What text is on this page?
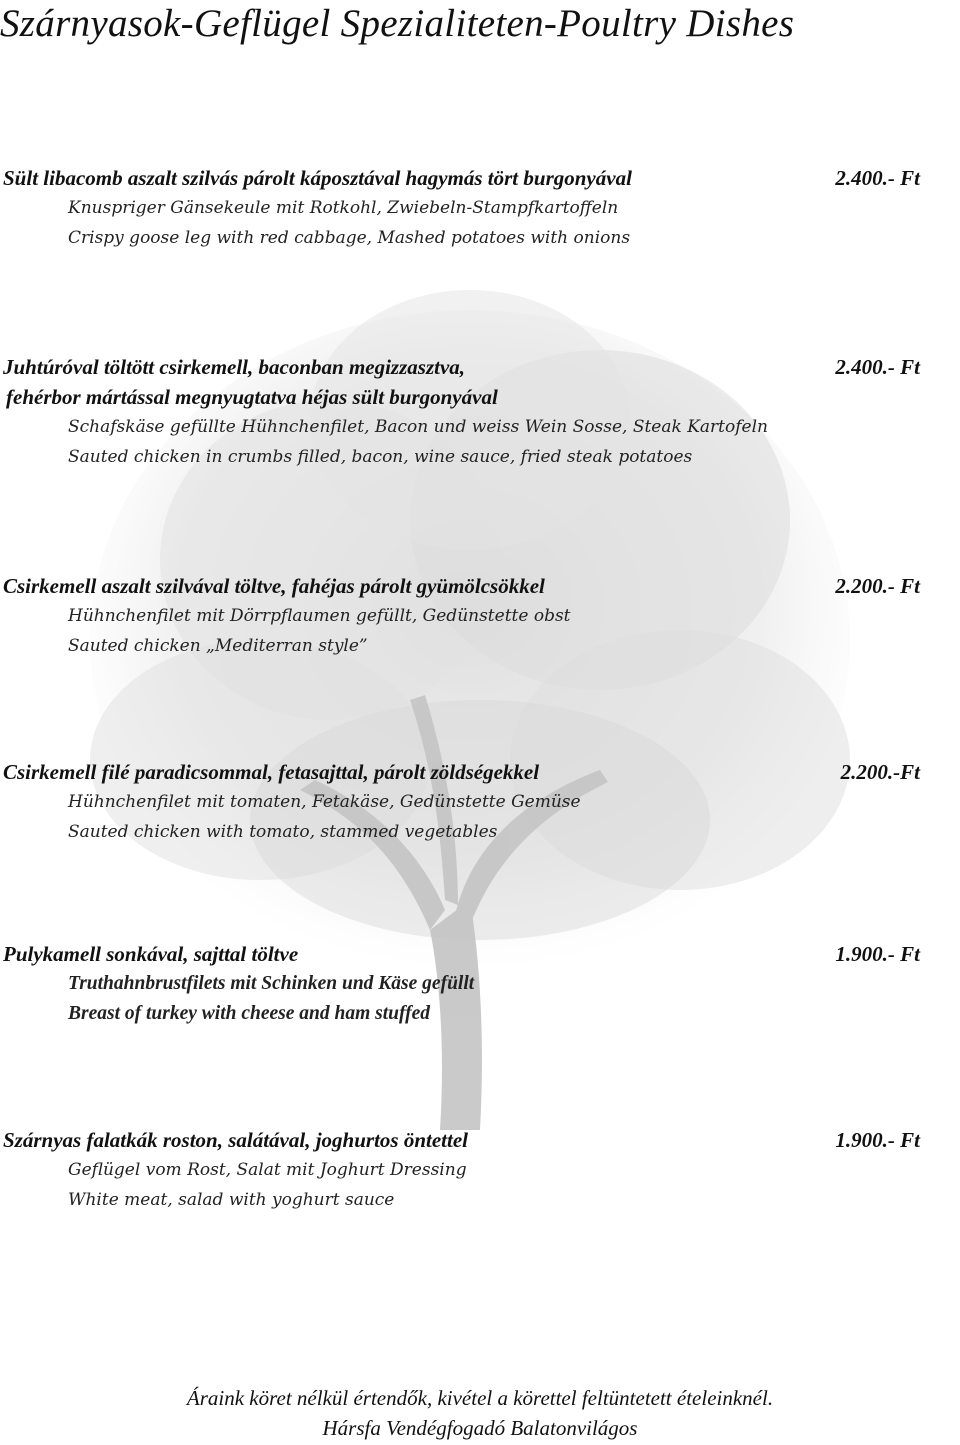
Szárnyasok-Geflügel Spezialiteten-Poultry Dishes
Sült libacomb aszalt szilvás párolt káposztával hagymás tört burgonyával	2.400.- Ft
Knuspriger Gänsekeule mit Rotkohl, Zwiebeln-Stampfkartoffeln
Crispy goose leg with red cabbage, Mashed potatoes with onions
Juhtúróval töltött csirkemell, baconban megizzasztva,	2.400.- Ft
fehérbor mártással megnyugtatva héjas sült burgonyával
Schafskäse gefüllte Hühnchenfilet, Bacon und weiss Wein Sosse, Steak Kartofeln
Sauted chicken in crumbs filled, bacon, wine sauce, fried steak potatoes
Csirkemell aszalt szilvával töltve, fahéjas párolt gyümölcsökkel	2.200.- Ft
Hühnchenfilet mit Dörrpflaumen gefüllt, Gedünstette obst
Sauted chicken „Mediterran style”
Csirkemell filé paradicsommal, fetasajttal, párolt zöldségekkel	2.200.-Ft
Hühnchenfilet mit tomaten, Fetakäse, Gedünstette Gemüse
Sauted chicken with tomato, stammed vegetables
Pulykamell sonkával, sajttal töltve	1.900.- Ft
Truthahnbrustfilets mit Schinken und Käse gefüllt
Breast of turkey with cheese and ham stuffed
Szárnyas falatkák roston, salátával, joghurtos öntettel	1.900.- Ft
Geflügel vom Rost, Salat mit Joghurt Dressing
White meat, salad with yoghurt sauce
Áraink köret nélkül értendők, kivétel a körettel feltüntetett ételeinknél.
Hársfa Vendégfogadó Balatonvilágos
